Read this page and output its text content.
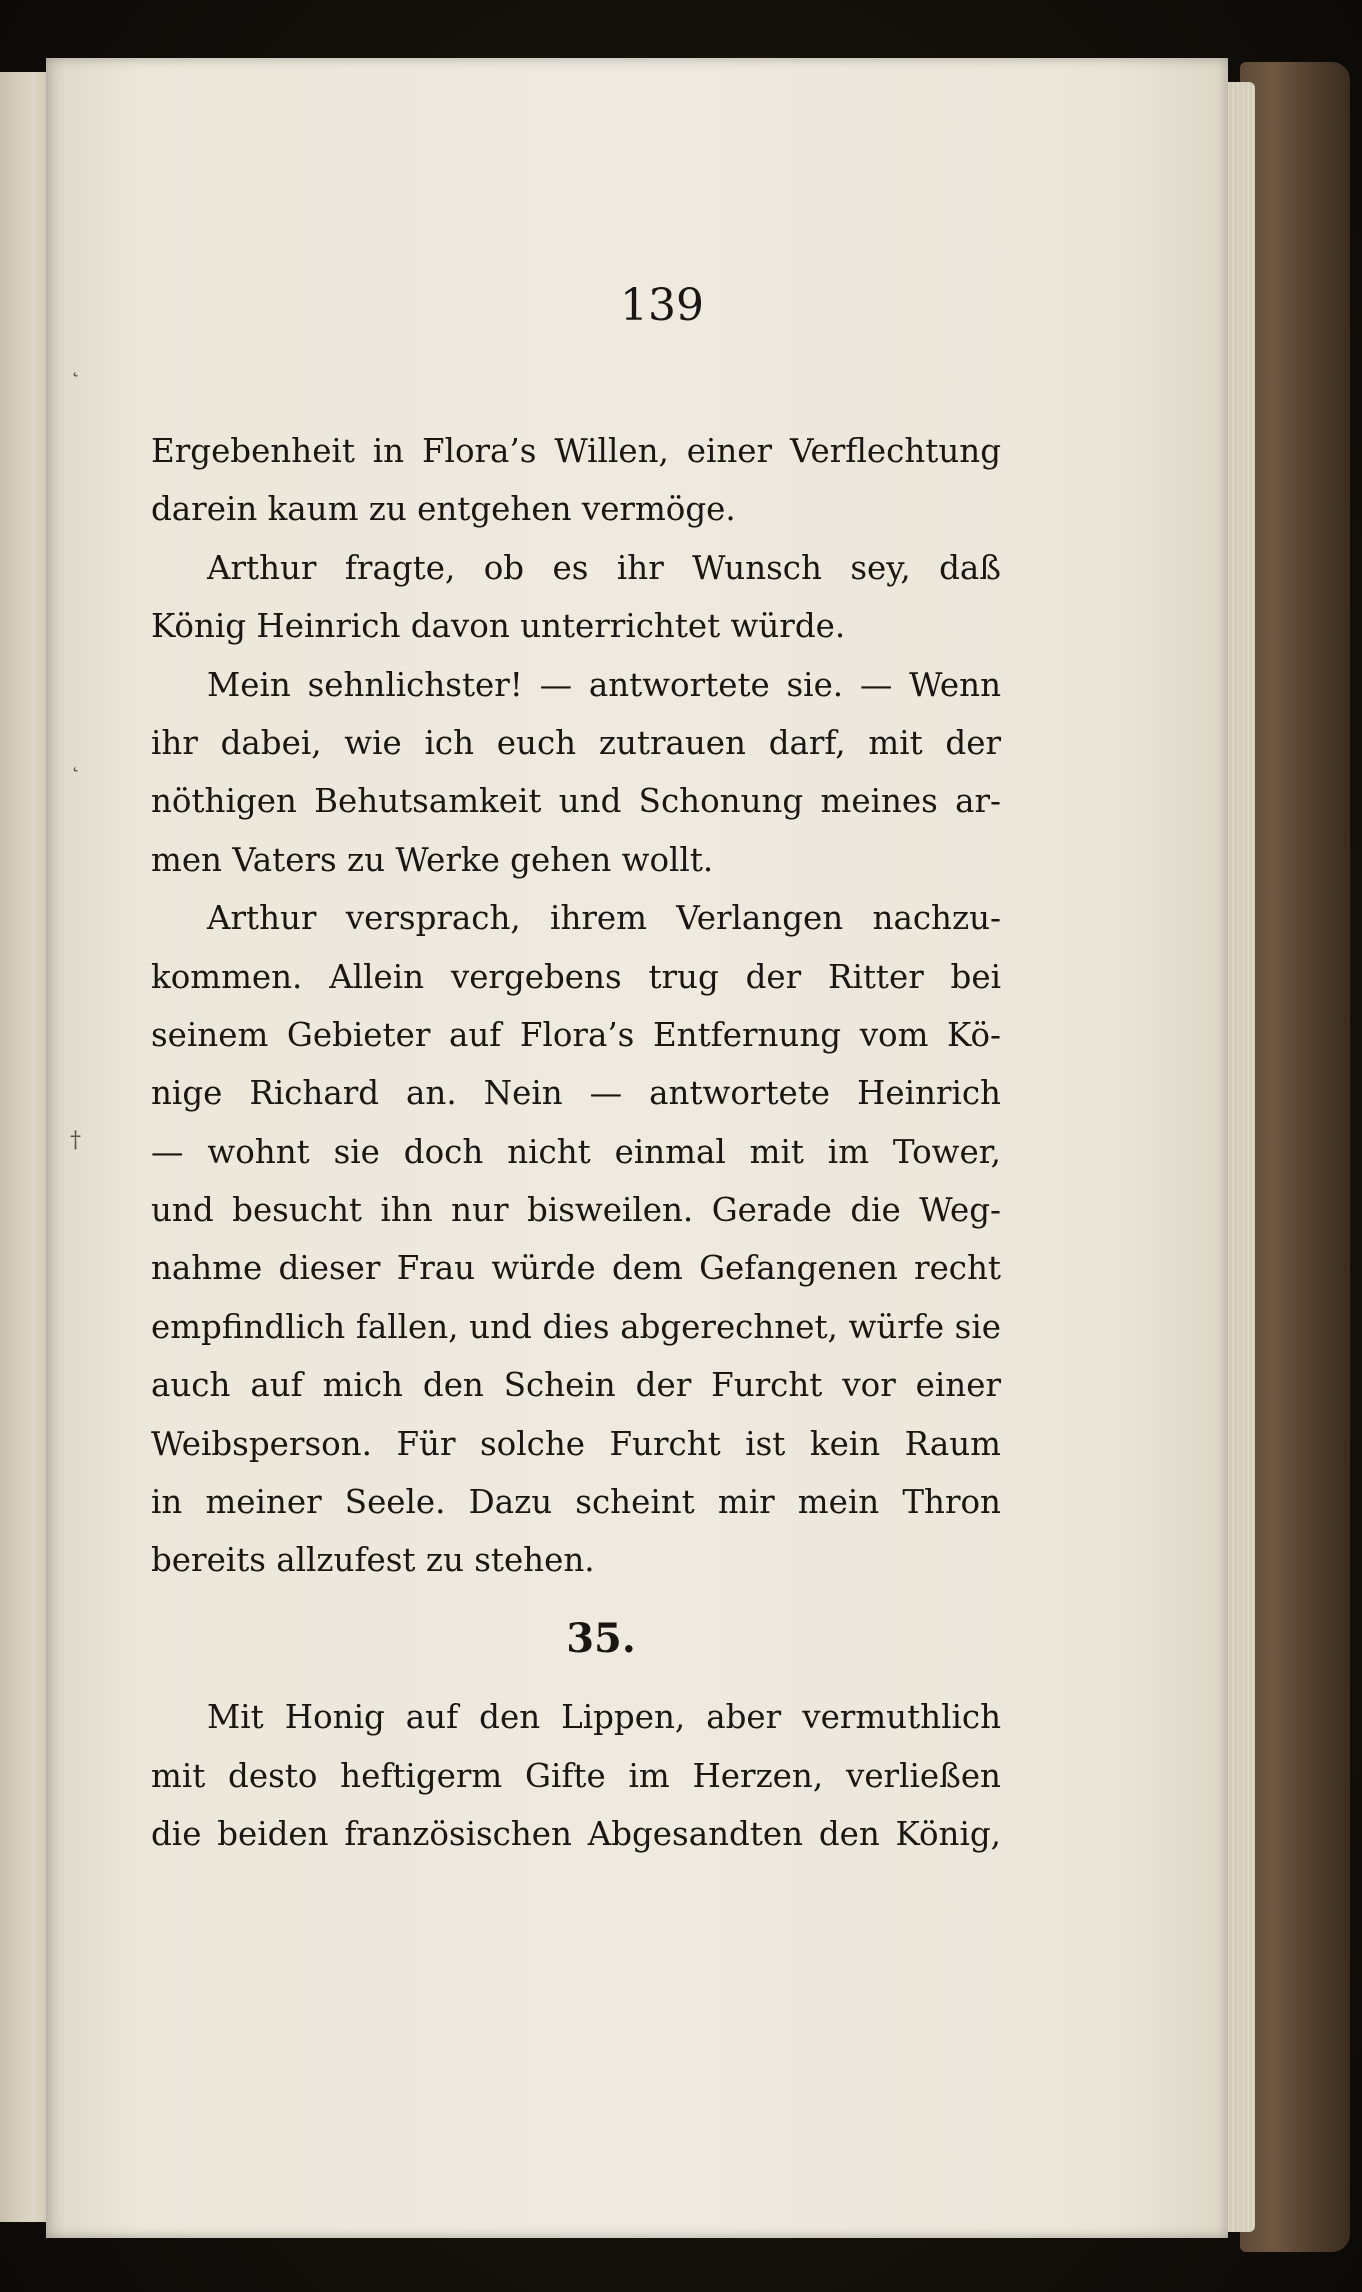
139
˛
˛
†
Ergebenheit in Flora’s Willen, einer Verflechtung
darein kaum zu entgehen vermöge.
Arthur fragte, ob es ihr Wunsch sey, daß
König Heinrich davon unterrichtet würde.
Mein sehnlichster! — antwortete sie. — Wenn
ihr dabei, wie ich euch zutrauen darf, mit der
nöthigen Behutsamkeit und Schonung meines ar-
men Vaters zu Werke gehen wollt.
Arthur versprach, ihrem Verlangen nachzu-
kommen. Allein vergebens trug der Ritter bei
seinem Gebieter auf Flora’s Entfernung vom Kö-
nige Richard an. Nein — antwortete Heinrich
— wohnt sie doch nicht einmal mit im Tower,
und besucht ihn nur bisweilen. Gerade die Weg-
nahme dieser Frau würde dem Gefangenen recht
empfindlich fallen, und dies abgerechnet, würfe sie
auch auf mich den Schein der Furcht vor einer
Weibsperson. Für solche Furcht ist kein Raum
in meiner Seele. Dazu scheint mir mein Thron
bereits allzufest zu stehen.
35.
Mit Honig auf den Lippen, aber vermuthlich
mit desto heftigerm Gifte im Herzen, verließen
die beiden französischen Abgesandten den König,
